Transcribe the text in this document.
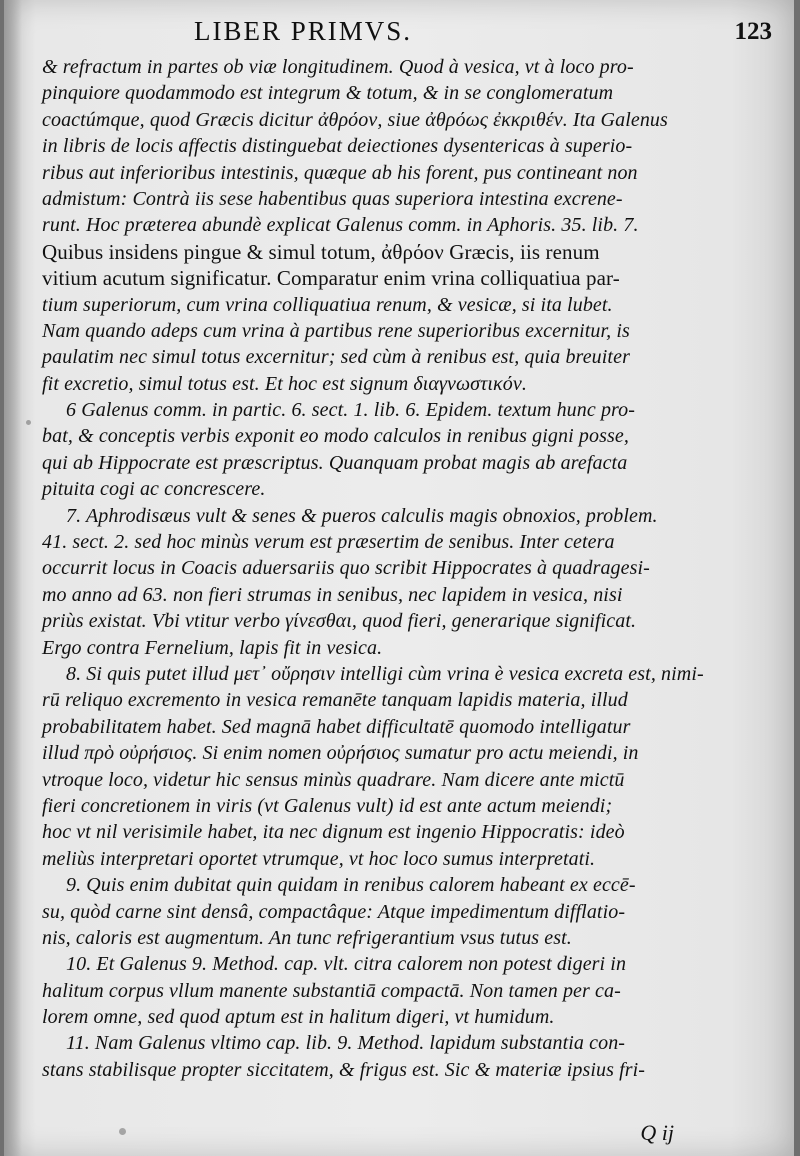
LIBER PRIMVS.	123
& refractum in partes ob viæ longitudinem. Quod à vesica, vt à loco pro-
pinquiore quodammodo est integrum & totum, & in se conglomeratum
coactúmque, quod Græcis dicitur ἀθρόον, siue ἀθρόως ἐκκριθέν. Ita Galenus
in libris de locis affectis distinguebat deiectiones dysentericas à superio-
ribus aut inferioribus intestinis, quæque ab his forent, pus contineant non
admistum: Contrà iis sese habentibus quas superiora intestina excrene-
runt. Hoc præterea abundè explicat Galenus comm. in Aphoris. 35. lib. 7.
Quibus insidens pingue & simul totum, ἀθρόον Græcis, iis renum
vitium acutum significatur. Comparatur enim vrina colliquatiua par-
tium superiorum, cum vrina colliquatiua renum, & vesicæ, si ita lubet.
Nam quando adeps cum vrina à partibus rene superioribus excernitur, is
paulatim nec simul totus excernitur; sed cùm à renibus est, quia breuiter
fit excretio, simul totus est. Et hoc est signum διαγνωστικόν.
6 Galenus comm. in partic. 6. sect. 1. lib. 6. Epidem. textum hunc pro-
bat, & conceptis verbis exponit eo modo calculos in renibus gigni posse,
qui ab Hippocrate est præscriptus. Quanquam probat magis ab arefacta
pituita cogi ac concrescere.
7. Aphrodisæus vult & senes & pueros calculis magis obnoxios, problem.
41. sect. 2. sed hoc minùs verum est præsertim de senibus. Inter cetera
occurrit locus in Coacis aduersariis quo scribit Hippocrates à quadragesi-
mo anno ad 63. non fieri strumas in senibus, nec lapidem in vesica, nisi
priùs existat. Vbi vtitur verbo γίνεσθαι, quod fieri, generarique significat.
Ergo contra Fernelium, lapis fit in vesica.
8. Si quis putet illud μετ᾽ οὔρησιν intelligi cùm vrina è vesica excreta est, nimi-
rū reliquo excremento in vesica remanēte tanquam lapidis materia, illud
probabilitatem habet. Sed magnā habet difficultatē quomodo intelligatur
illud πρὸ οὐρήσιος. Si enim nomen οὐρήσιος sumatur pro actu meiendi, in
vtroque loco, videtur hic sensus minùs quadrare. Nam dicere ante mictū
fieri concretionem in viris (vt Galenus vult) id est ante actum meiendi;
hoc vt nil verisimile habet, ita nec dignum est ingenio Hippocratis: ideò
meliùs interpretari oportet vtrumque, vt hoc loco sumus interpretati.
9. Quis enim dubitat quin quidam in renibus calorem habeant ex eccē-
su, quòd carne sint densâ, compactâque: Atque impedimentum difflatio-
nis, caloris est augmentum. An tunc refrigerantium vsus tutus est.
10. Et Galenus 9. Method. cap. vlt. citra calorem non potest digeri in
halitum corpus vllum manente substantiā compactā. Non tamen per ca-
lorem omne, sed quod aptum est in halitum digeri, vt humidum.
11. Nam Galenus vltimo cap. lib. 9. Method. lapidum substantia con-
stans stabilisque propter siccitatem, & frigus est. Sic & materiæ ipsius fri-
Q ij
